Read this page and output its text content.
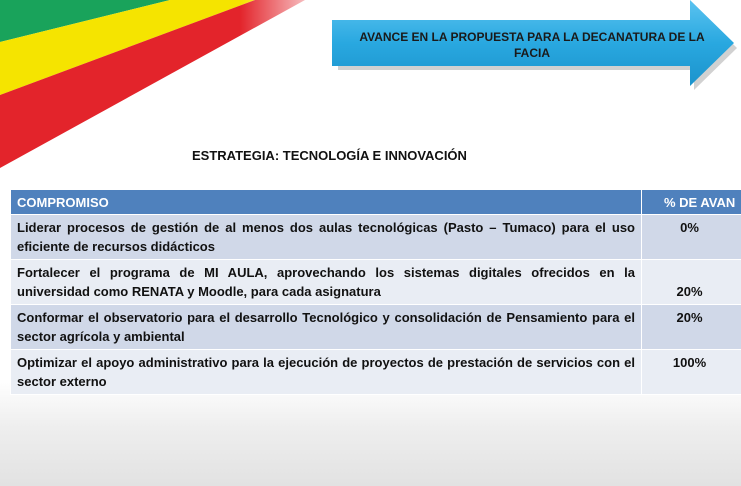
AVANCE EN LA PROPUESTA PARA LA DECANATURA DE LA FACIA
ESTRATEGIA: TECNOLOGÍA E INNOVACIÓN
COMPROMISO	% DE AVAN
Liderar procesos de gestión de al menos dos aulas tecnológicas (Pasto – Tumaco) para el uso eficiente de recursos didácticos	0%
Fortalecer el programa de MI AULA, aprovechando los sistemas digitales ofrecidos en la universidad como RENATA y Moodle, para cada asignatura	20%
Conformar el observatorio para el desarrollo Tecnológico y consolidación de Pensamiento para el sector agrícola y ambiental	20%
Optimizar el apoyo administrativo para la ejecución de proyectos de prestación de servicios con el sector externo	100%
